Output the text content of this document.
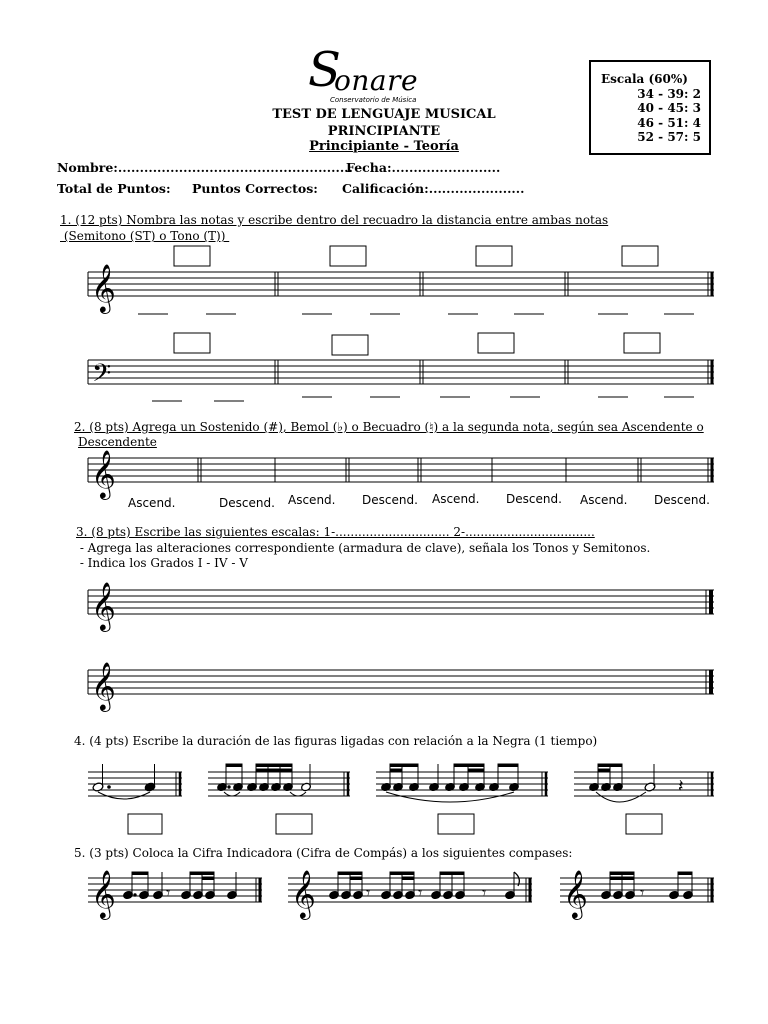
S
onare
Conservatorio de Música
TEST DE LENGUAJE MUSICAL
PRINCIPIANTE
Principiante - Teoría
Escala (60%)
34 - 39: 2
40 - 45: 3
46 - 51: 4
52 - 57: 5
Nombre:......................................................
Fecha:.........................
Total de Puntos: Puntos Correctos: Calificación:......................
1. (12 pts) Nombra las notas y escribe dentro del recuadro la distancia entre ambas notas
(Semitono (ST) o Tono (T))
2. (8 pts) Agrega un Sostenido (#), Bemol (♭) o Becuadro (♮) a la segunda nota, según sea Ascendente o
Descendente
3. (8 pts) Escribe las siguientes escalas: 1-.............................. 2-..................................
- Agrega las alteraciones correspondiente (armadura de clave), señala los Tonos y Semitonos.
- Indica los Grados I - IV - V
4. (4 pts) Escribe la duración de las figuras ligadas con relación a la Negra (1 tiempo)
5. (3 pts) Coloca la Cifra Indicadora (Cifra de Compás) a los siguientes compases:
Ascend.	Descend. Ascend. Descend. Ascend. Descend. Ascend. Descend.
𝄞
𝄢
𝄞
𝄞
𝄞
𝄞	𝄞	𝄞
𝄽
𝄾	𝄾	𝄾	𝄾	𝄾
